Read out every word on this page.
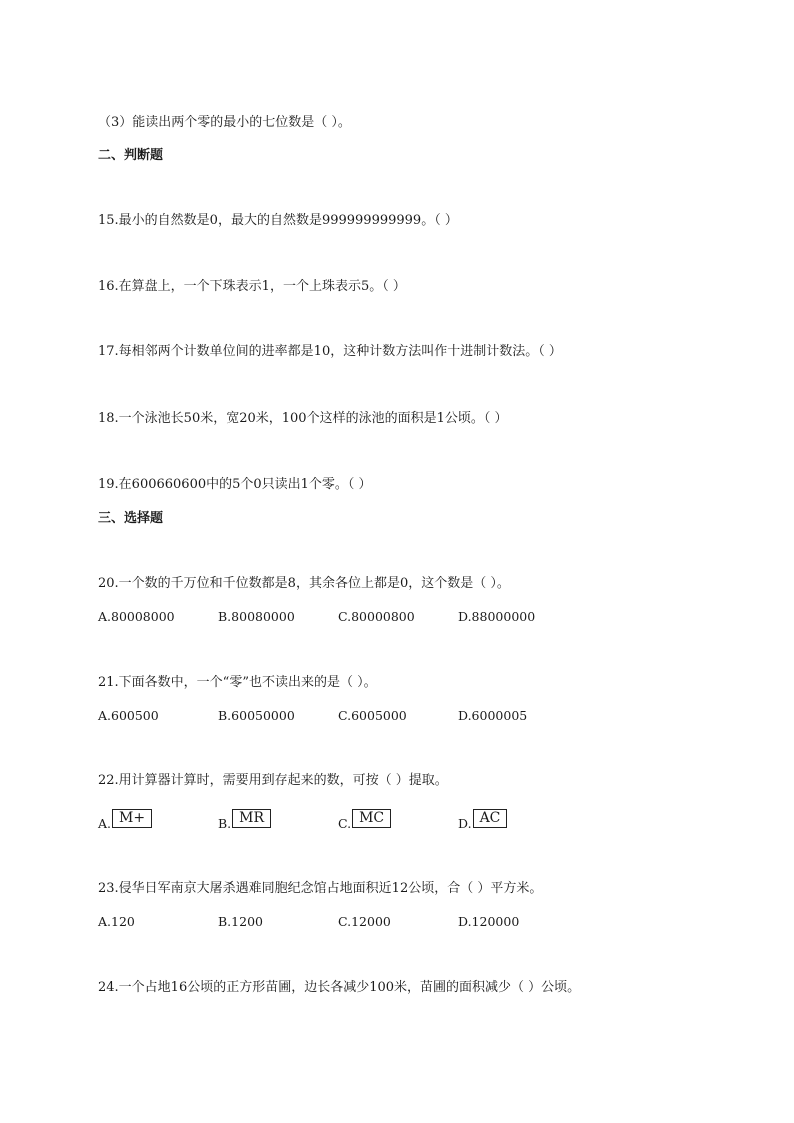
（3）能读出两个零的最小的七位数是（ ）。
二、判断题
15.最小的自然数是0，最大的自然数是999999999999。（ ）
16.在算盘上，一个下珠表示1，一个上珠表示5。（ ）
17.每相邻两个计数单位间的进率都是10，这种计数方法叫作十进制计数法。（ ）
18.一个泳池长50米，宽20米，100个这样的泳池的面积是1公顷。（ ）
19.在600660600中的5个0只读出1个零。（ ）
三、选择题
20.一个数的千万位和千位数都是8，其余各位上都是0，这个数是（ ）。
A.80008000	B.80080000	C.80000800	D.88000000
21.下面各数中，一个“零”也不读出来的是（ ）。
A.600500	B.60050000	C.6005000	D.6000005
22.用计算器计算时，需要用到存起来的数，可按（ ）提取。
A. M+	B. MR	C. MC	D. AC
23.侵华日军南京大屠杀遇难同胞纪念馆占地面积近12公顷，合（ ）平方米。
A.120	B.1200	C.12000	D.120000
24.一个占地16公顷的正方形苗圃，边长各减少100米，苗圃的面积减少（ ）公顷。
